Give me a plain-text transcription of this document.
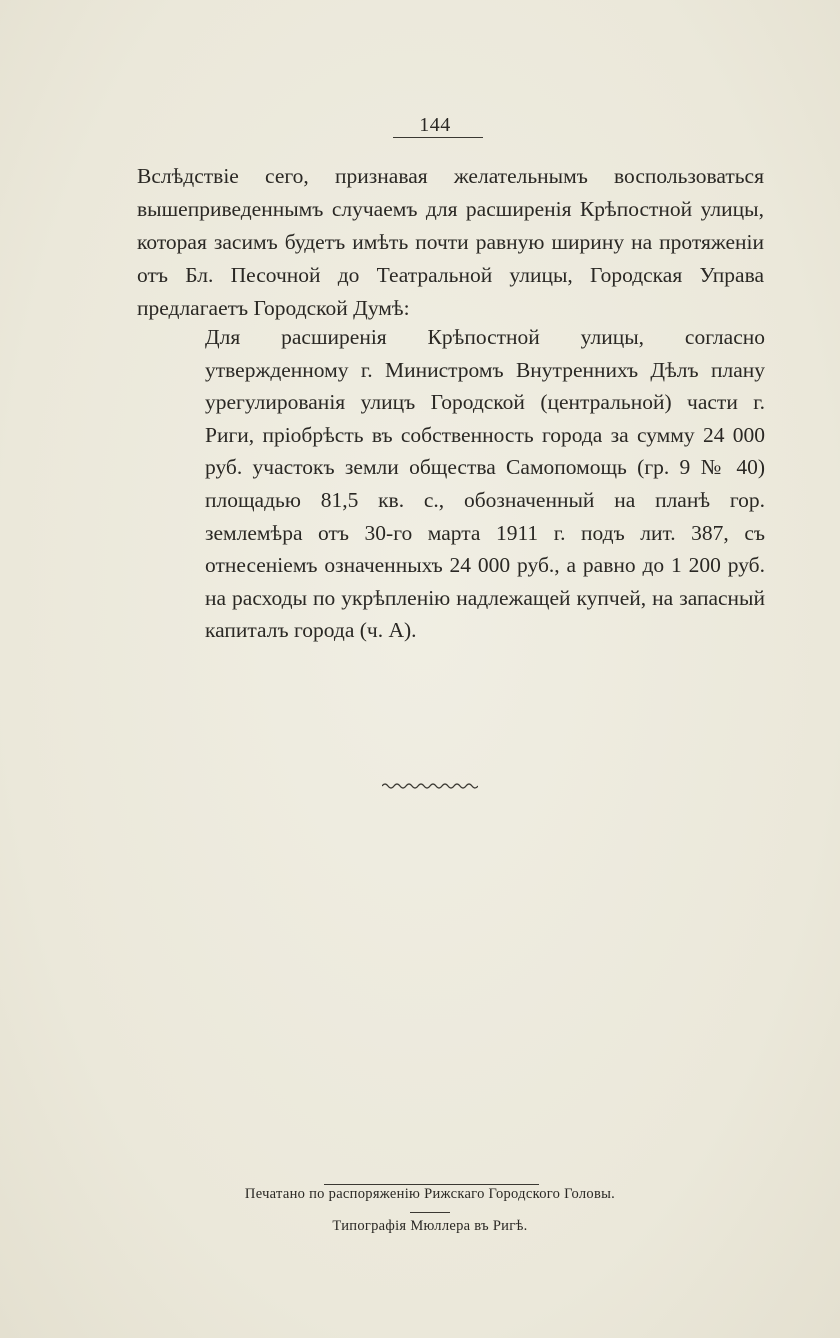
144

Вслѣдствіе сего, признавая желательнымъ воспользоваться вышеприведеннымъ случаемъ для расширенія Крѣпостной улицы, которая засимъ будетъ имѣть почти равную ширину на протяженіи отъ Бл. Песочной до Театральной улицы, Городская Управа предлагаетъ Городской Думѣ:

Для расширенія Крѣпостной улицы, согласно утвержденному г. Министромъ Внутреннихъ Дѣлъ плану урегулированія улицъ Городской (центральной) части г. Риги, пріобрѣсть въ собственность города за сумму 24 000 руб. участокъ земли общества Самопомощь (гр. 9 № 40) площадью 81,5 кв. с., обозначенный на планѣ гор. землемѣра отъ 30-го марта 1911 г. подъ лит. 387, съ отнесеніемъ означенныхъ 24 000 руб., а равно до 1 200 руб. на расходы по укрѣпленію надлежащей купчей, на запасный капиталъ города (ч. А).

Печатано по распоряженію Рижскаго Городского Головы.
Типографія Мюллера въ Ригѣ.
